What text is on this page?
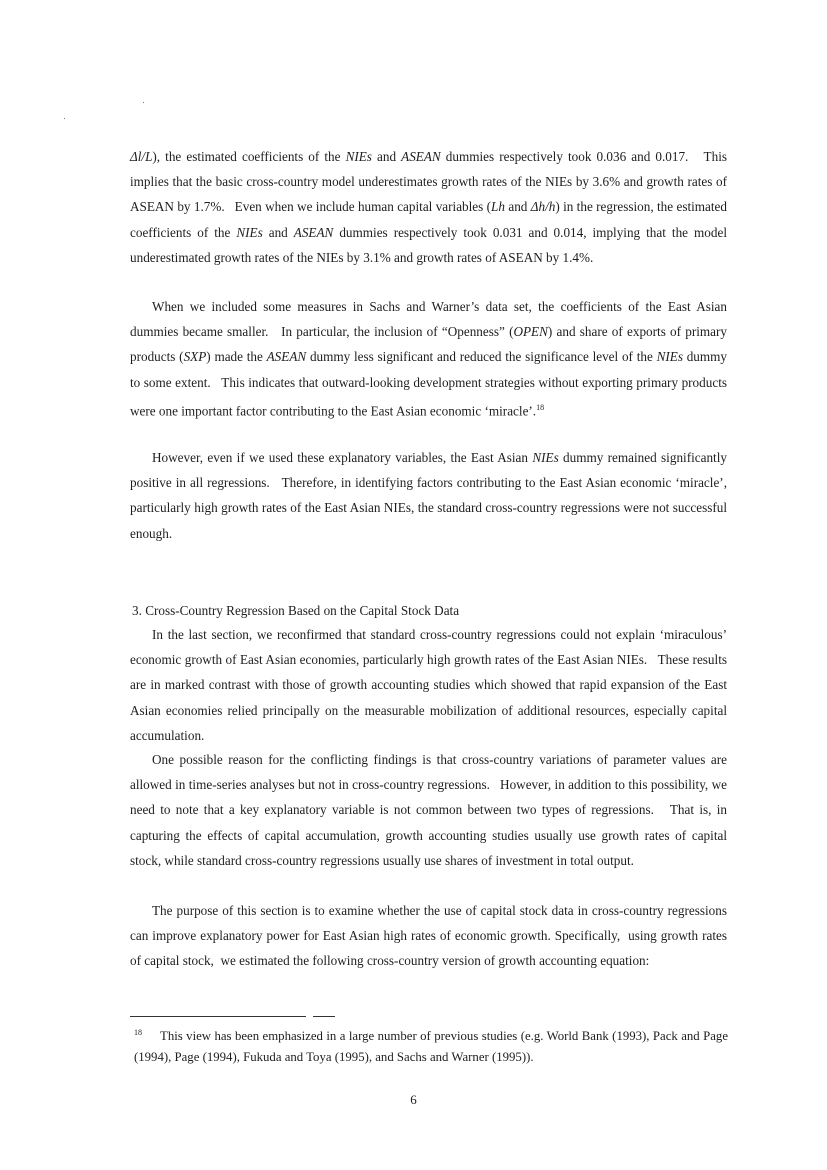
Δl/L), the estimated coefficients of the NIEs and ASEAN dummies respectively took 0.036 and 0.017.   This implies that the basic cross-country model underestimates growth rates of the NIEs by 3.6% and growth rates of ASEAN by 1.7%.   Even when we include human capital variables (Lh and Δh/h) in the regression, the estimated coefficients of the NIEs and ASEAN dummies respectively took 0.031 and 0.014, implying that the model underestimated growth rates of the NIEs by 3.1% and growth rates of ASEAN by 1.4%.

When we included some measures in Sachs and Warner’s data set, the coefficients of the East Asian dummies became smaller.   In particular, the inclusion of “Openness” (OPEN) and share of exports of primary products (SXP) made the ASEAN dummy less significant and reduced the significance level of the NIEs dummy to some extent.   This indicates that outward-looking development strategies without exporting primary products were one important factor contributing to the East Asian economic ‘miracle’.$^{18}$

However, even if we used these explanatory variables, the East Asian NIEs dummy remained significantly positive in all regressions.   Therefore, in identifying factors contributing to the East Asian economic ‘miracle’, particularly high growth rates of the East Asian NIEs, the standard cross-country regressions were not successful enough.

3. Cross-Country Regression Based on the Capital Stock Data

In the last section, we reconfirmed that standard cross-country regressions could not explain ‘miraculous’ economic growth of East Asian economies, particularly high growth rates of the East Asian NIEs.   These results are in marked contrast with those of growth accounting studies which showed that rapid expansion of the East Asian economies relied principally on the measurable mobilization of additional resources, especially capital accumulation.

One possible reason for the conflicting findings is that cross-country variations of parameter values are allowed in time-series analyses but not in cross-country regressions.   However, in addition to this possibility, we need to note that a key explanatory variable is not common between two types of regressions.   That is, in capturing the effects of capital accumulation, growth accounting studies usually use growth rates of capital stock, while standard cross-country regressions usually use shares of investment in total output.

The purpose of this section is to examine whether the use of capital stock data in cross-country regressions can improve explanatory power for East Asian high rates of economic growth. Specifically,  using growth rates of capital stock,  we estimated the following cross-country version of growth accounting equation:

$^{18}$ This view has been emphasized in a large number of previous studies (e.g. World Bank (1993), Pack and Page (1994), Page (1994), Fukuda and Toya (1995), and Sachs and Warner (1995)).

6
